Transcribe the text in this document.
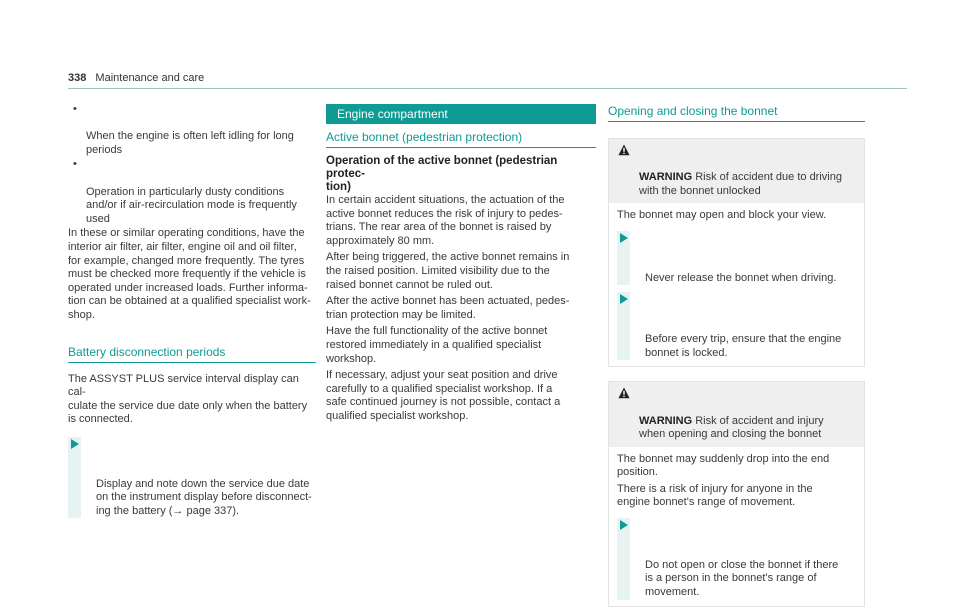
338 Maintenance and care

•

When the engine is often left idling for long
periods

•

Operation in particularly dusty conditions
and/or if air-recirculation mode is frequently
used

In these or similar operating conditions, have the
interior air filter, air filter, engine oil and oil filter,
for example, changed more frequently. The tyres
must be checked more frequently if the vehicle is
operated under increased loads. Further informa-
tion can be obtained at a qualified specialist work-
shop.

Battery disconnection periods

The ASSYST PLUS service interval display can cal-
culate the service due date only when the battery
is connected.

Display and note down the service due date
on the instrument display before disconnect-
ing the battery (→ page 337).

Engine compartment

Active bonnet (pedestrian protection)

Operation of the active bonnet (pedestrian protec-
tion)

In certain accident situations, the actuation of the
active bonnet reduces the risk of injury to pedes-
trians. The rear area of the bonnet is raised by
approximately 80 mm.

After being triggered, the active bonnet remains in
the raised position. Limited visibility due to the
raised bonnet cannot be ruled out.

After the active bonnet has been actuated, pedes-
trian protection may be limited.

Have the full functionality of the active bonnet
restored immediately in a qualified specialist
workshop.

If necessary, adjust your seat position and drive
carefully to a qualified specialist workshop. If a
safe continued journey is not possible, contact a
qualified specialist workshop.

Opening and closing the bonnet

WARNING Risk of accident due to driving
with the bonnet unlocked

The bonnet may open and block your view.

Never release the bonnet when driving.

Before every trip, ensure that the engine
bonnet is locked.

WARNING Risk of accident and injury
when opening and closing the bonnet

The bonnet may suddenly drop into the end
position.

There is a risk of injury for anyone in the
engine bonnet's range of movement.

Do not open or close the bonnet if there
is a person in the bonnet's range of
movement.
